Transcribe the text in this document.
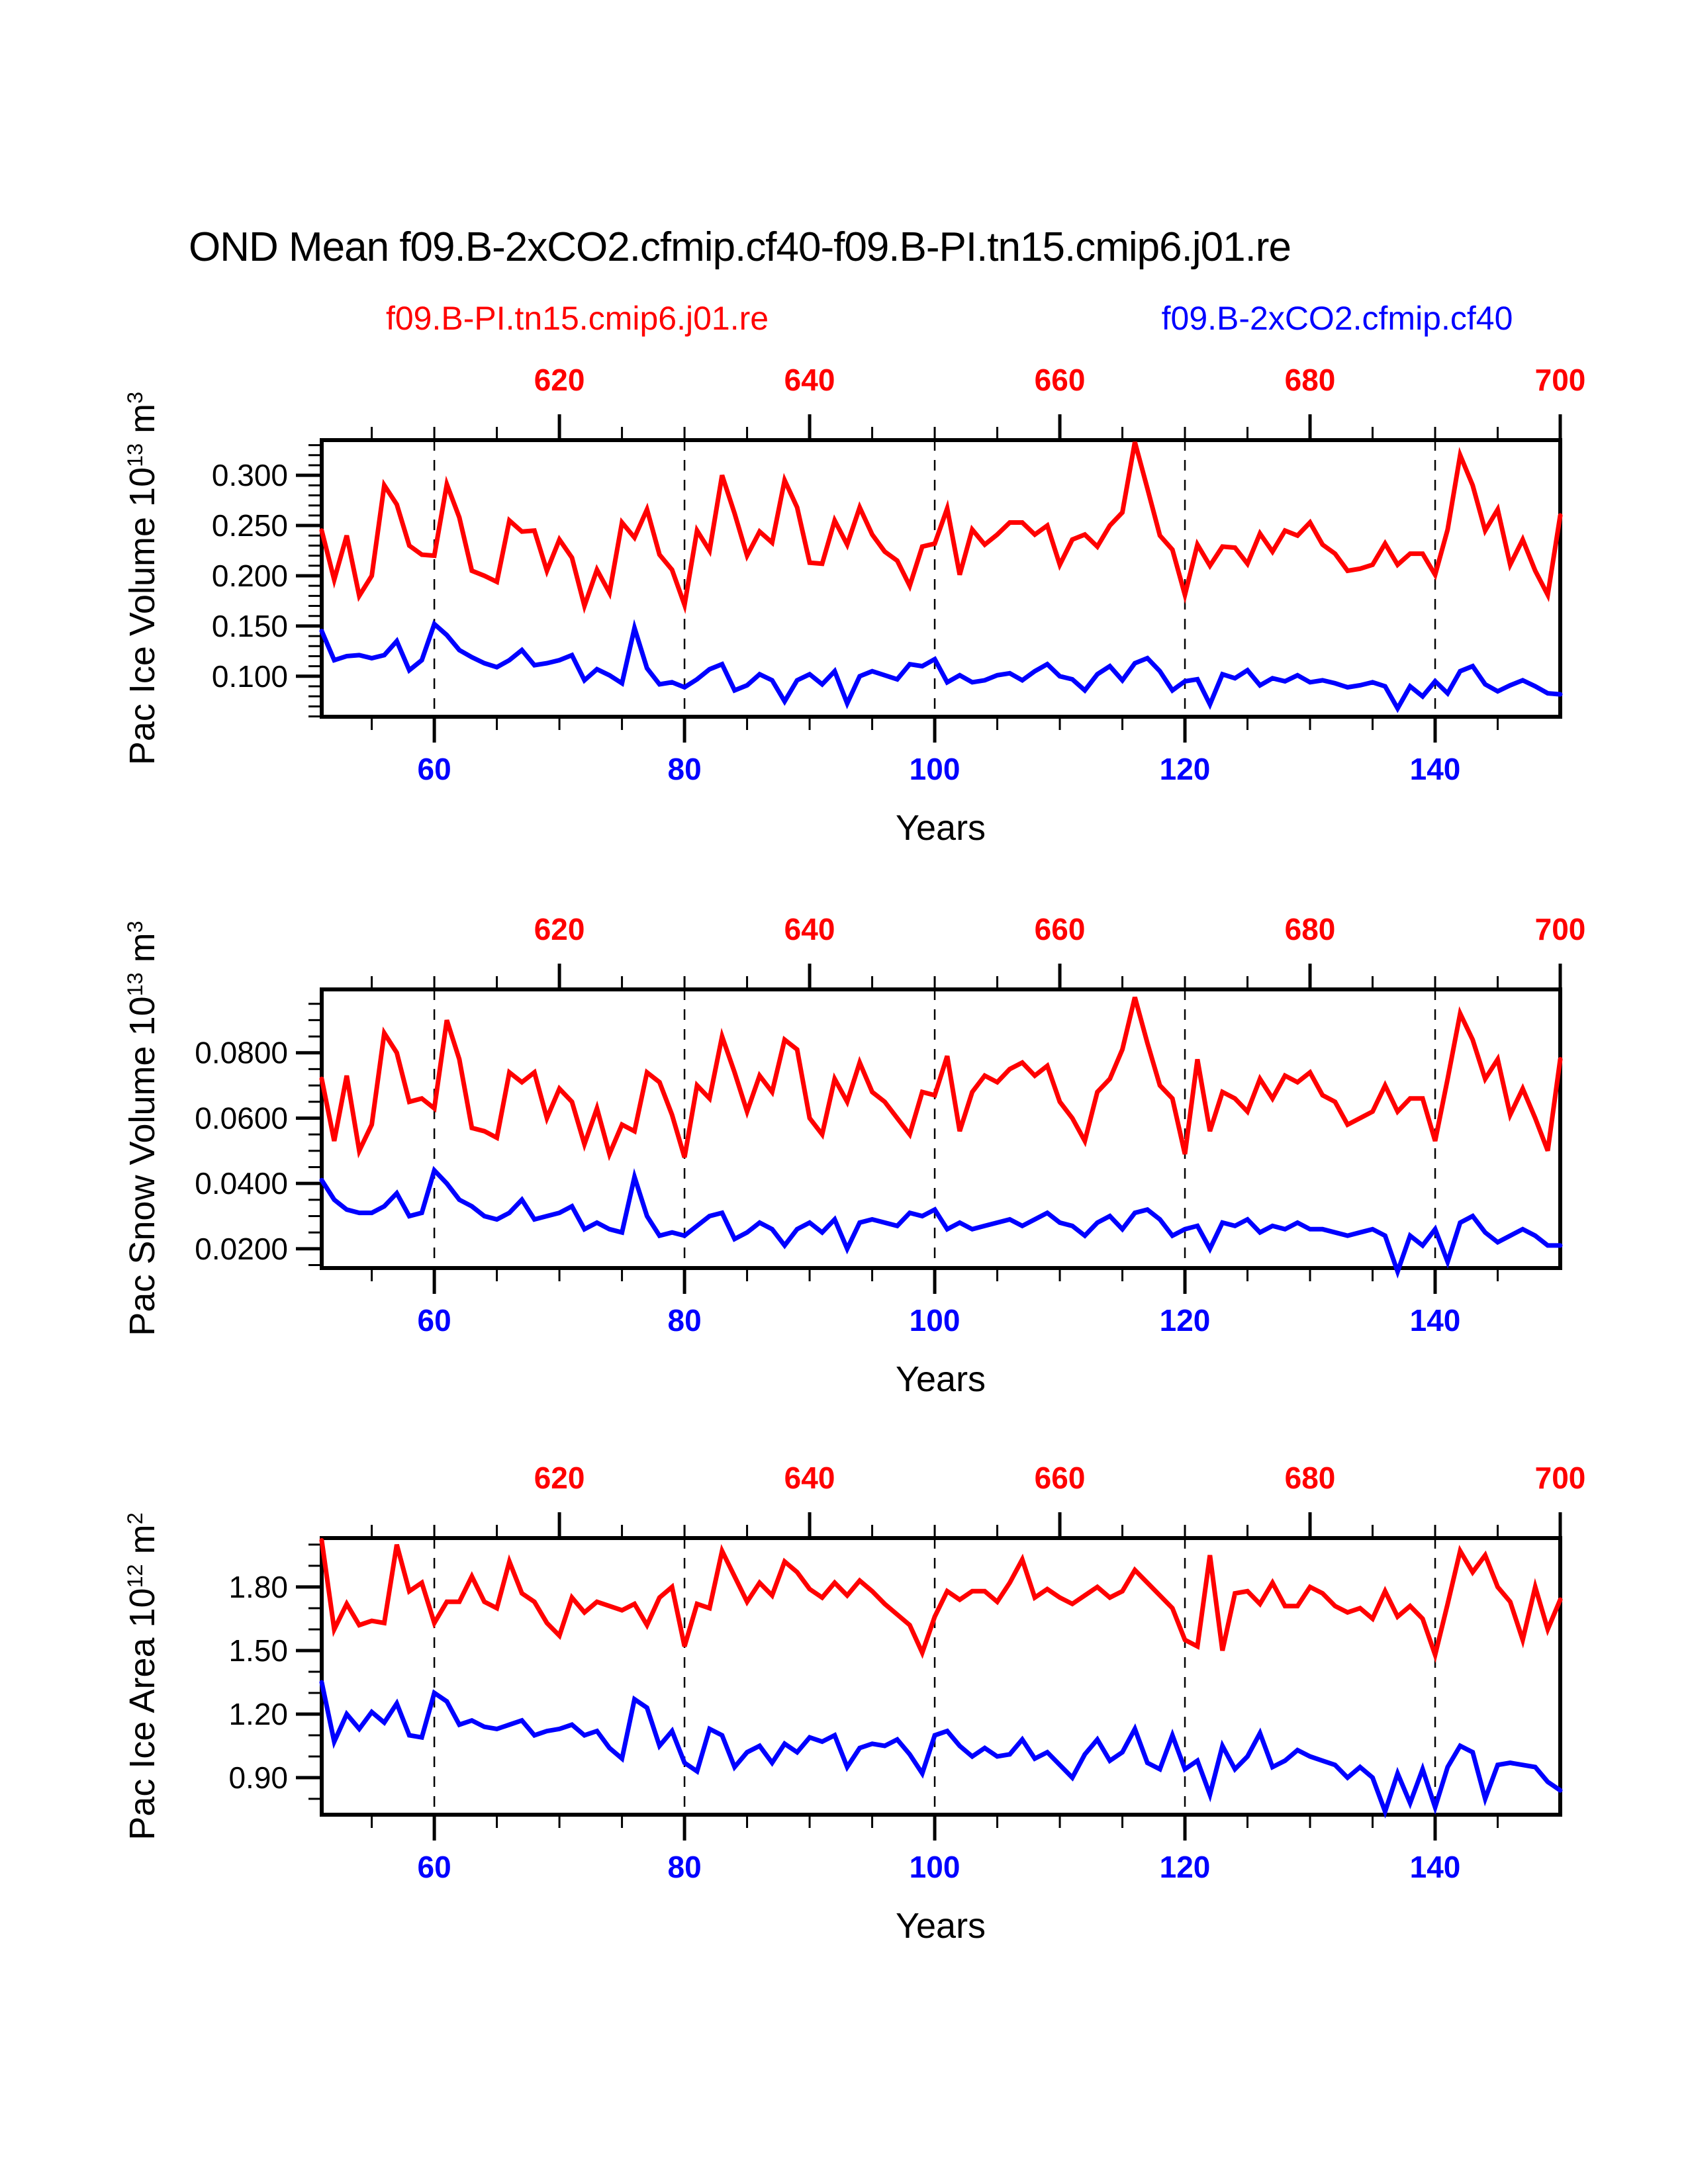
OND Mean f09.B-2xCO2.cfmip.cf40-f09.B-PI.tn15.cmip6.j01.re
f09.B-PI.tn15.cmip6.j01.re	f09.B-2xCO2.cfmip.cf40
Pac Ice Volume $10^{13}$ $m^3$
Pac Snow Volume $10^{13}$ $m^3$
Pac Ice Area $10^{12}$ $m^2$
Years
Years
Years
620	640	660	680	700
60	80	100	120	140
0.300
0.250
0.200
0.150
0.100
620	640	660	680	700
60	80	100	120	140
0.0800
0.0600
0.0400
0.0200
620	640	660	680	700
60	80	100	120	140
1.80
1.50
1.20
0.90
